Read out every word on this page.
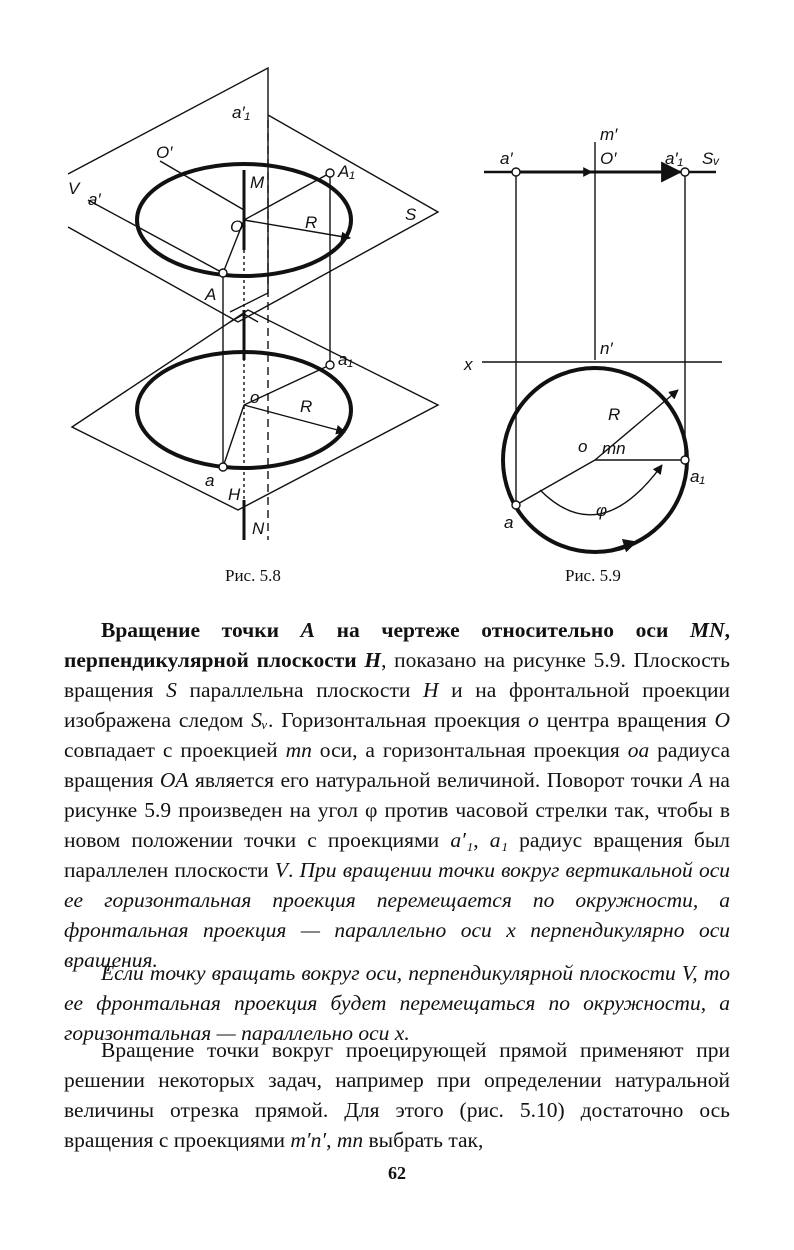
a′₁
O′
V
a′
M
A₁
O	R	S
A
a₁
o R
a
H
N
Рис. 5.8
m′
a′	O′	a′₁ Sᵥ
n′
x
R
o mn
a₁
φ
a
Рис. 5.9

Вращение точки A на чертеже относительно оси MN, перпендикулярной плоскости H, показано на рисунке 5.9. Плоскость вращения S параллельна плоскости H и на фронтальной проекции изображена следом Sᵥ. Горизонтальная проекция o центра вращения O совпадает с проекцией mn оси, а горизонтальная проекция oa радиуса вращения OA является его натуральной величиной. Поворот точки A на рисунке 5.9 произведен на угол φ против часовой стрелки так, чтобы в новом положении точки с проекциями a′₁, a₁ радиус вращения был параллелен плоскости V. При вращении точки вокруг вертикальной оси ее горизонтальная проекция перемещается по окружности, а фронтальная проекция — параллельно оси x перпендикулярно оси вращения.

Если точку вращать вокруг оси, перпендикулярной плоскости V, то ее фронтальная проекция будет перемещаться по окружности, а горизонтальная — параллельно оси x.

Вращение точки вокруг проецирующей прямой применяют при решении некоторых задач, например при определении натуральной величины отрезка прямой. Для этого (рис. 5.10) достаточно ось вращения с проекциями m′n′, mn выбрать так,

62
